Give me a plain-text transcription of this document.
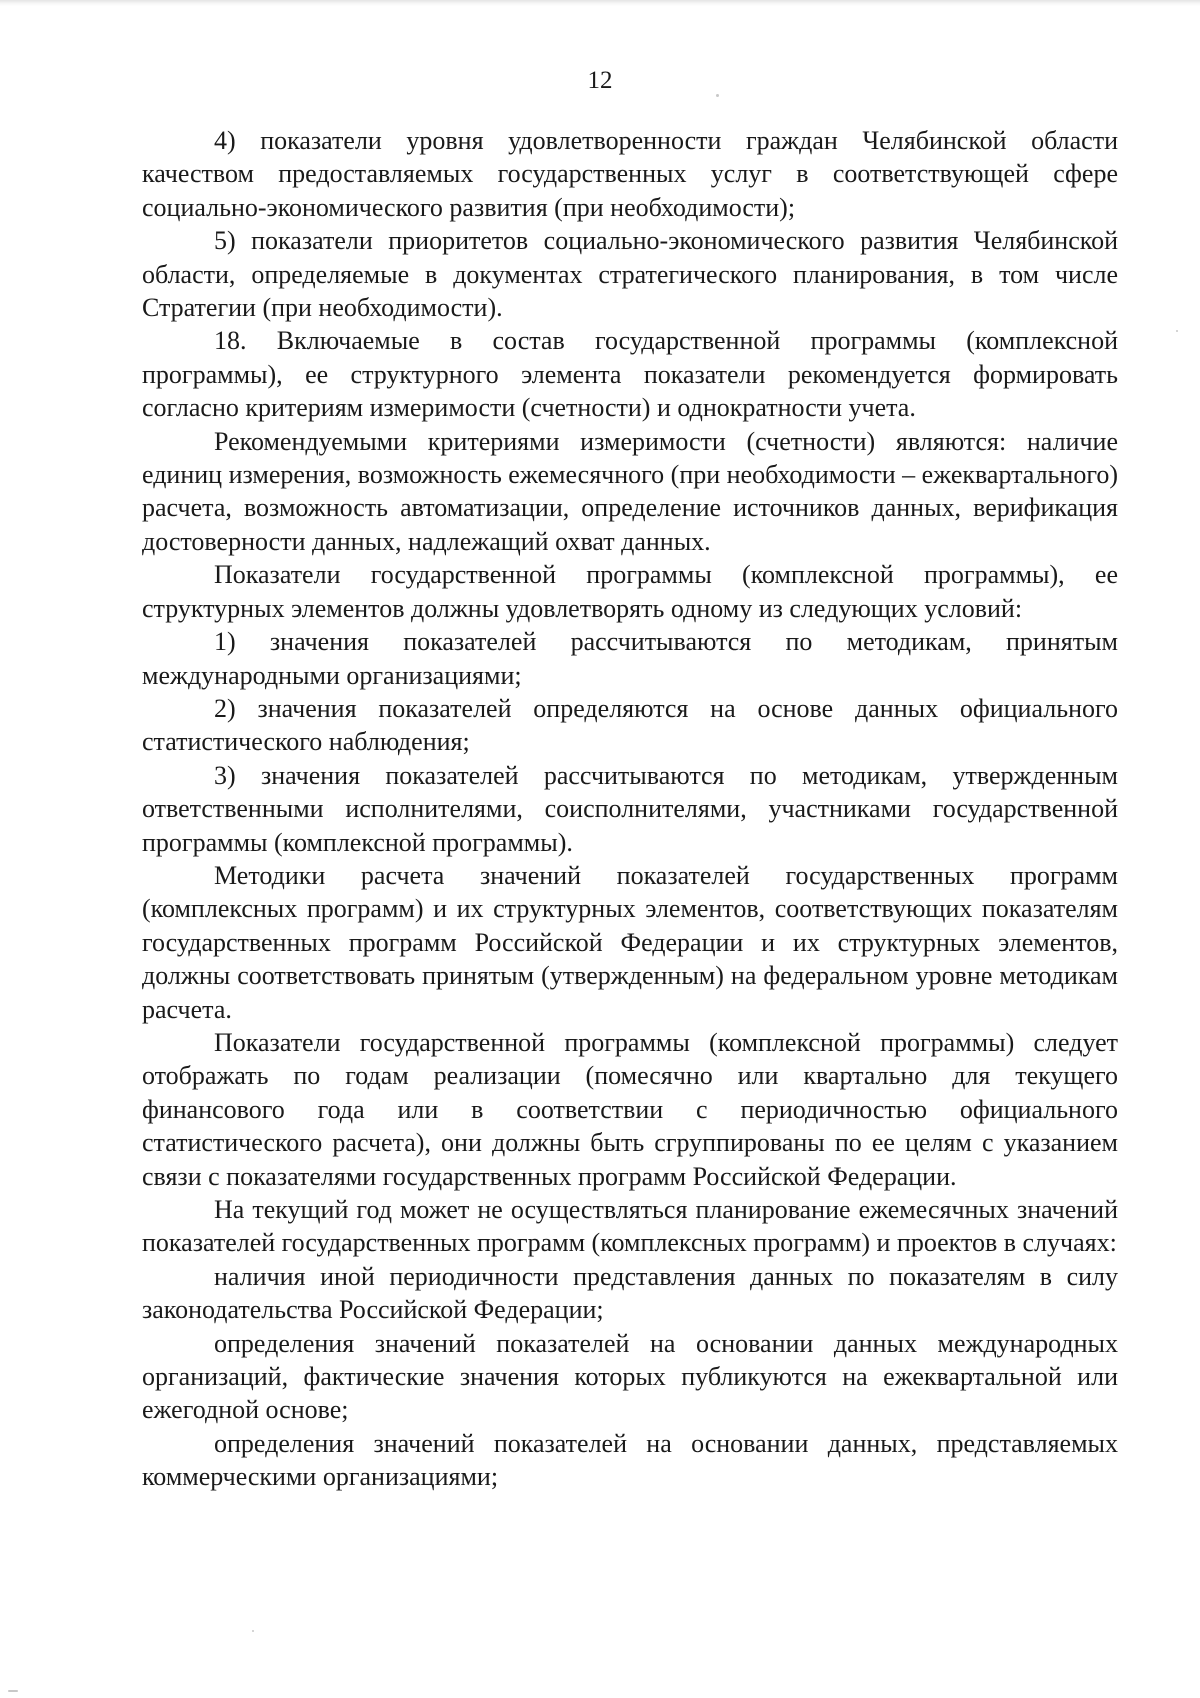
12

4) показатели уровня удовлетворенности граждан Челябинской области качеством предоставляемых государственных услуг в соответствующей сфере социально-экономического развития (при необходимости);

5) показатели приоритетов социально-экономического развития Челябинской области, определяемые в документах стратегического планирования, в том числе Стратегии (при необходимости).

18. Включаемые в состав государственной программы (комплексной программы), ее структурного элемента показатели рекомендуется формировать согласно критериям измеримости (счетности) и однократности учета.

Рекомендуемыми критериями измеримости (счетности) являются: наличие единиц измерения, возможность ежемесячного (при необходимости – ежеквартального) расчета, возможность автоматизации, определение источников данных, верификация достоверности данных, надлежащий охват данных.

Показатели государственной программы (комплексной программы), ее структурных элементов должны удовлетворять одному из следующих условий:

1) значения показателей рассчитываются по методикам, принятым международными организациями;

2) значения показателей определяются на основе данных официального статистического наблюдения;

3) значения показателей рассчитываются по методикам, утвержденным ответственными исполнителями, соисполнителями, участниками государственной программы (комплексной программы).

Методики расчета значений показателей государственных программ (комплексных программ) и их структурных элементов, соответствующих показателям государственных программ Российской Федерации и их структурных элементов, должны соответствовать принятым (утвержденным) на федеральном уровне методикам расчета.

Показатели государственной программы (комплексной программы) следует отображать по годам реализации (помесячно или квартально для текущего финансового года или в соответствии с периодичностью официального статистического расчета), они должны быть сгруппированы по ее целям с указанием связи с показателями государственных программ Российской Федерации.

На текущий год может не осуществляться планирование ежемесячных значений показателей государственных программ (комплексных программ) и проектов в случаях:

наличия иной периодичности представления данных по показателям в силу законодательства Российской Федерации;

определения значений показателей на основании данных международных организаций, фактические значения которых публикуются на ежеквартальной или ежегодной основе;

определения значений показателей на основании данных, представляемых коммерческими организациями;
